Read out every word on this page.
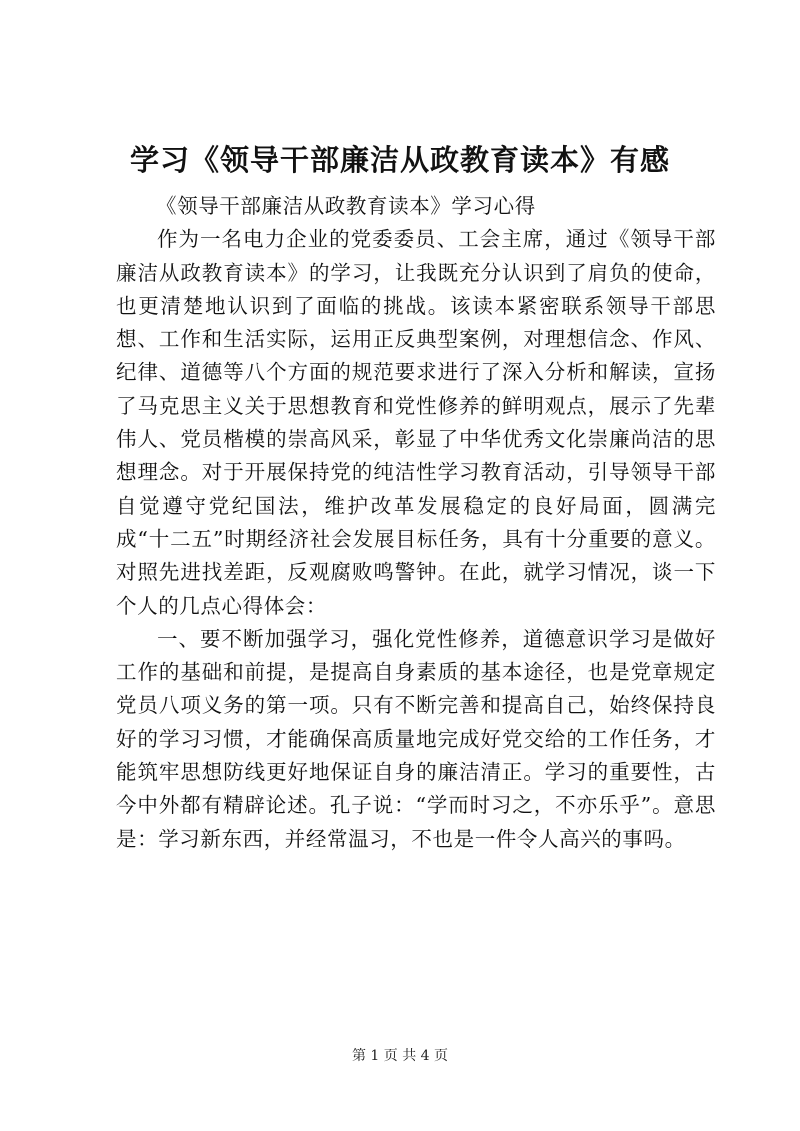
学习《领导干部廉洁从政教育读本》有感

《领导干部廉洁从政教育读本》学习心得

作为一名电力企业的党委委员、工会主席，通过《领导干部廉洁从政教育读本》的学习，让我既充分认识到了肩负的使命，也更清楚地认识到了面临的挑战。该读本紧密联系领导干部思想、工作和生活实际，运用正反典型案例，对理想信念、作风、纪律、道德等八个方面的规范要求进行了深入分析和解读，宣扬了马克思主义关于思想教育和党性修养的鲜明观点，展示了先辈伟人、党员楷模的崇高风采，彰显了中华优秀文化崇廉尚洁的思想理念。对于开展保持党的纯洁性学习教育活动，引导领导干部自觉遵守党纪国法，维护改革发展稳定的良好局面，圆满完成“十二五”时期经济社会发展目标任务，具有十分重要的意义。对照先进找差距，反观腐败鸣警钟。在此，就学习情况，谈一下个人的几点心得体会：

一、要不断加强学习，强化党性修养，道德意识学习是做好工作的基础和前提，是提高自身素质的基本途径，也是党章规定党员八项义务的第一项。只有不断完善和提高自己，始终保持良好的学习习惯，才能确保高质量地完成好党交给的工作任务，才能筑牢思想防线更好地保证自身的廉洁清正。学习的重要性，古今中外都有精辟论述。孔子说：“学而时习之，不亦乐乎”。意思是：学习新东西，并经常温习，不也是一件令人高兴的事吗。

第 1 页 共 4 页
